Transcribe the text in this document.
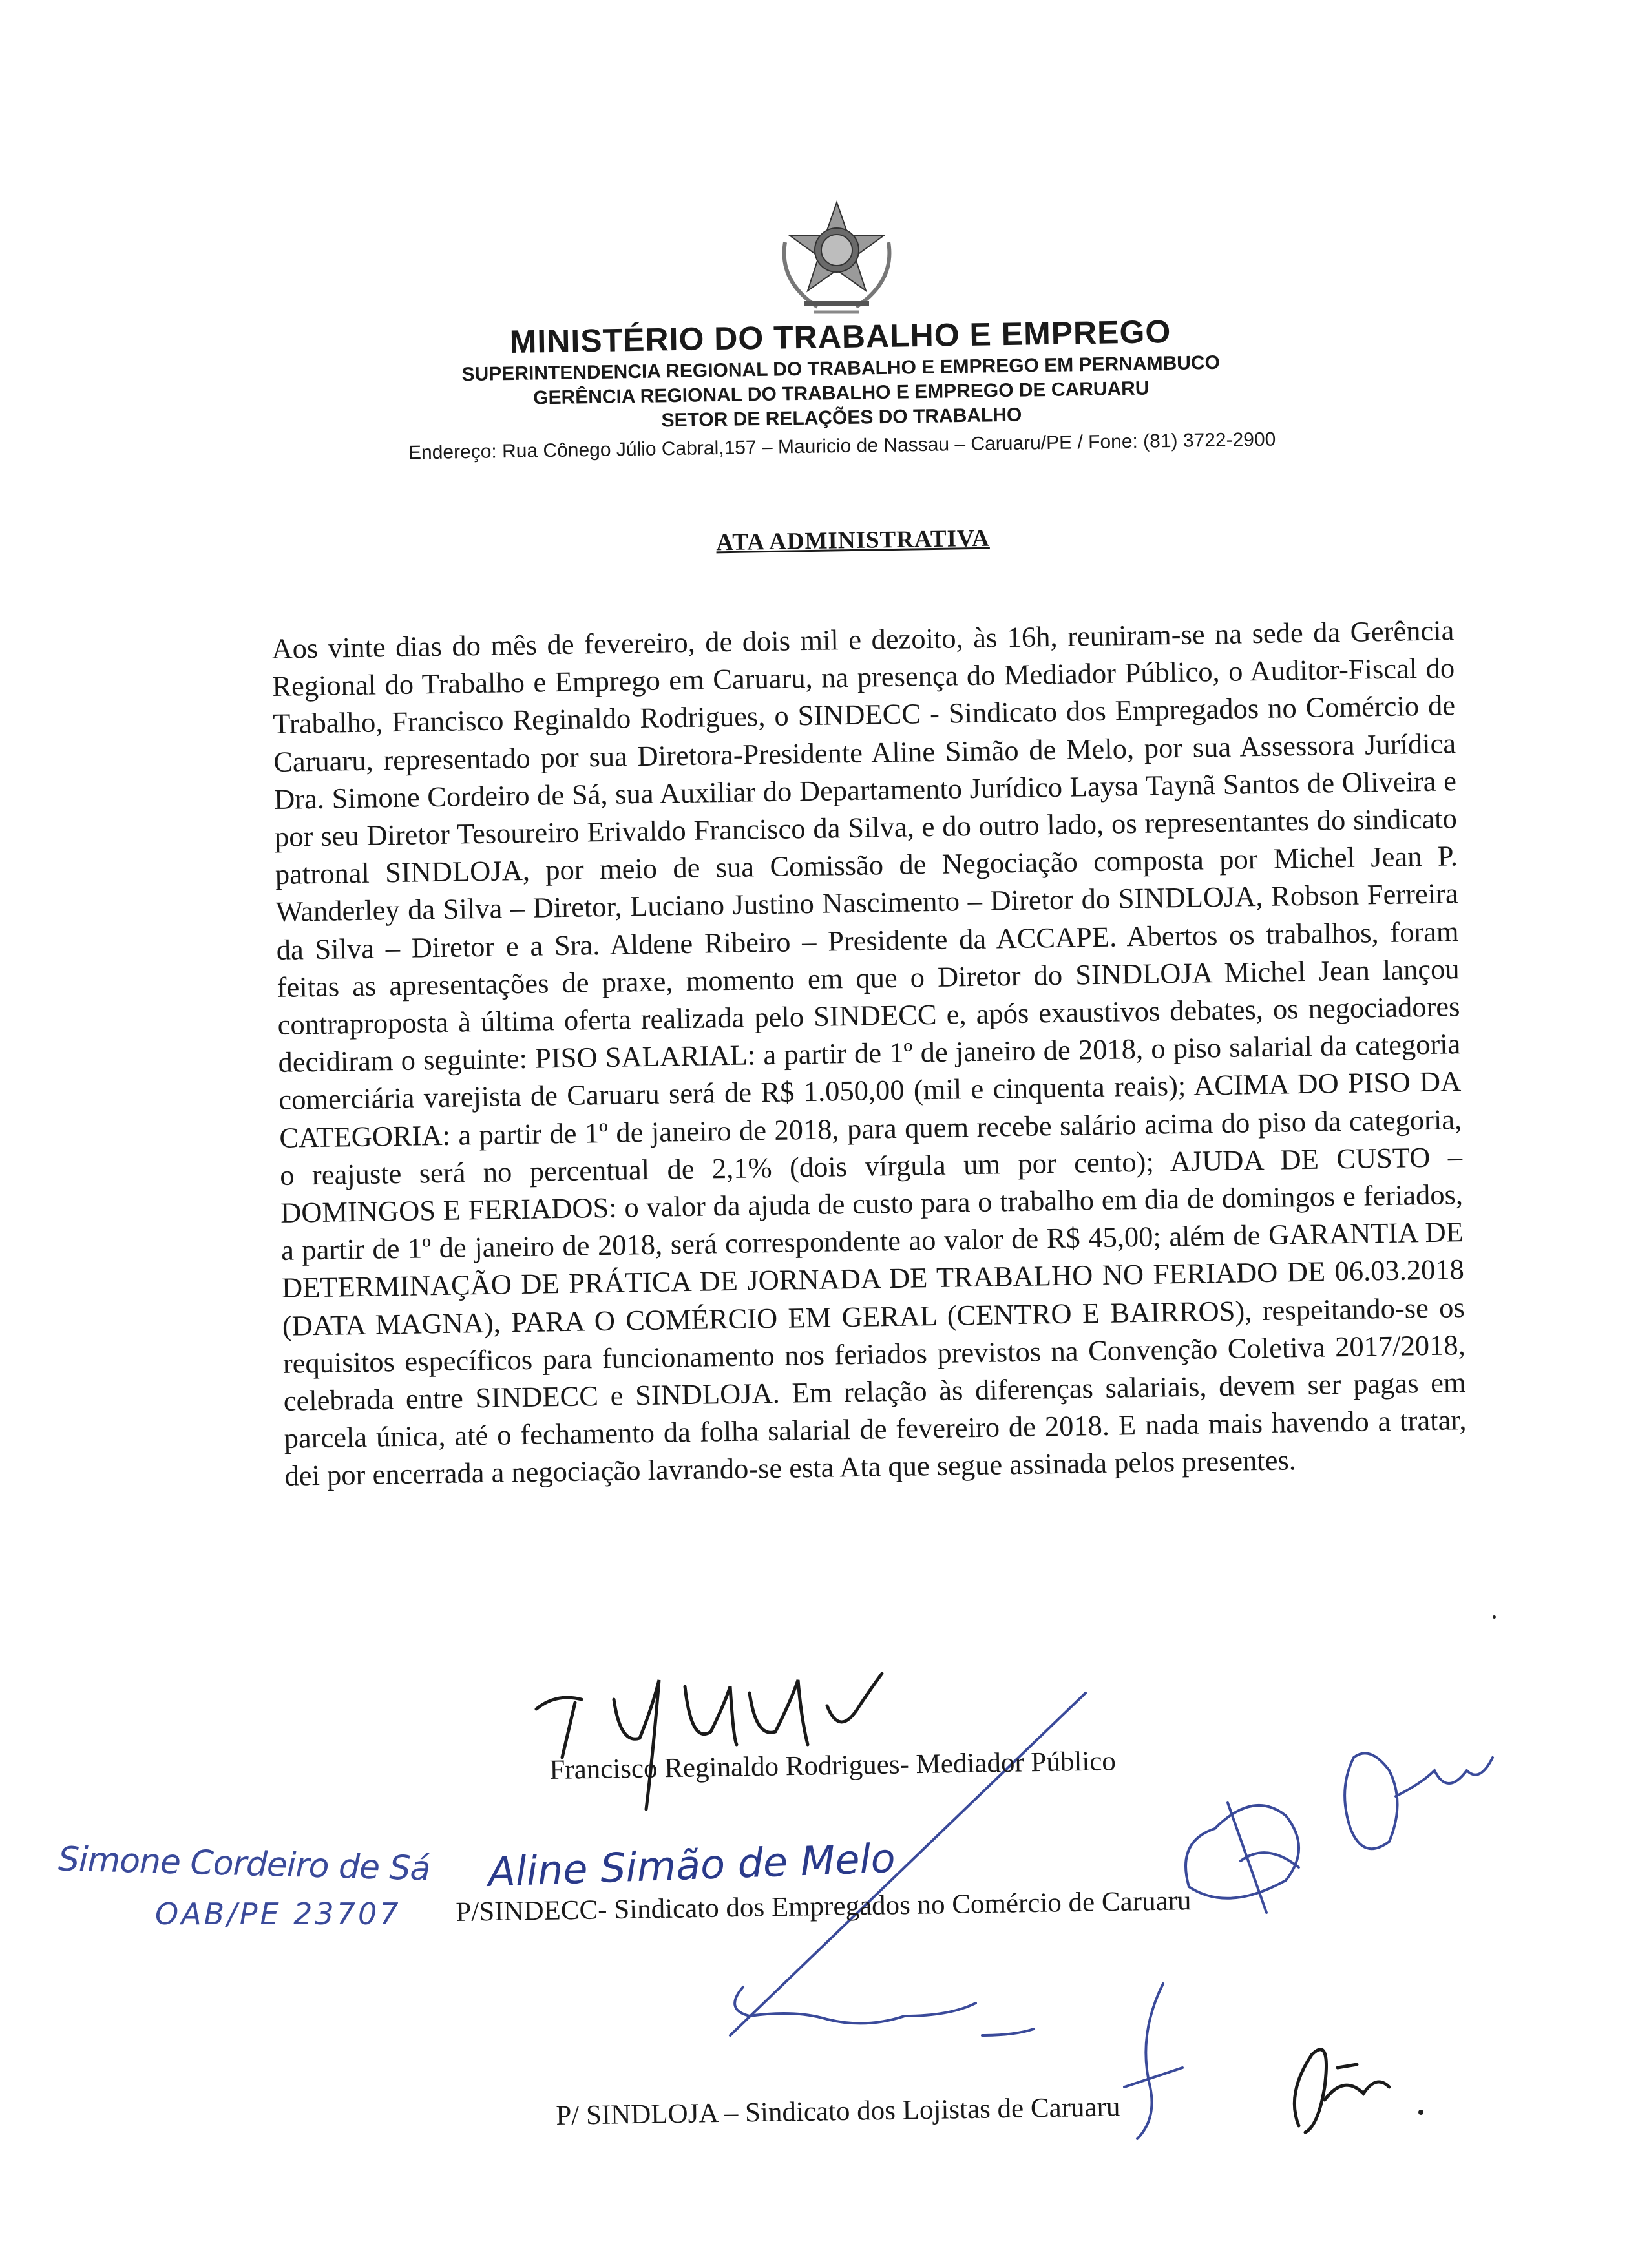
MINISTÉRIO DO TRABALHO E EMPREGO

SUPERINTENDENCIA REGIONAL DO TRABALHO E EMPREGO EM PERNAMBUCO

GERÊNCIA REGIONAL DO TRABALHO E EMPREGO DE CARUARU

SETOR DE RELAÇÕES DO TRABALHO

Endereço: Rua Cônego Júlio Cabral,157 – Mauricio de Nassau – Caruaru/PE / Fone: (81) 3722-2900

ATA ADMINISTRATIVA

Aos vinte dias do mês de fevereiro, de dois mil e dezoito, às 16h, reuniram-se na sede da Gerência Regional do Trabalho e Emprego em Caruaru, na presença do Mediador Público, o Auditor-Fiscal do Trabalho, Francisco Reginaldo Rodrigues, o SINDECC - Sindicato dos Empregados no Comércio de Caruaru, representado por sua Diretora-Presidente Aline Simão de Melo, por sua Assessora Jurídica Dra. Simone Cordeiro de Sá, sua Auxiliar do Departamento Jurídico Laysa Taynã Santos de Oliveira e por seu Diretor Tesoureiro Erivaldo Francisco da Silva, e do outro lado, os representantes do sindicato patronal SINDLOJA, por meio de sua Comissão de Negociação composta por Michel Jean P. Wanderley da Silva – Diretor, Luciano Justino Nascimento – Diretor do SINDLOJA, Robson Ferreira da Silva – Diretor e a Sra. Aldene Ribeiro – Presidente da ACCAPE. Abertos os trabalhos, foram feitas as apresentações de praxe, momento em que o Diretor do SINDLOJA Michel Jean lançou contraproposta à última oferta realizada pelo SINDECC e, após exaustivos debates, os negociadores decidiram o seguinte: PISO SALARIAL: a partir de 1º de janeiro de 2018, o piso salarial da categoria comerciária varejista de Caruaru será de R$ 1.050,00 (mil e cinquenta reais); ACIMA DO PISO DA CATEGORIA: a partir de 1º de janeiro de 2018, para quem recebe salário acima do piso da categoria, o reajuste será no percentual de 2,1% (dois vírgula um por cento); AJUDA DE CUSTO – DOMINGOS E FERIADOS: o valor da ajuda de custo para o trabalho em dia de domingos e feriados, a partir de 1º de janeiro de 2018, será correspondente ao valor de R$ 45,00; além de GARANTIA DE DETERMINAÇÃO DE PRÁTICA DE JORNADA DE TRABALHO NO FERIADO DE 06.03.2018 (DATA MAGNA), PARA O COMÉRCIO EM GERAL (CENTRO E BAIRROS), respeitando-se os requisitos específicos para funcionamento nos feriados previstos na Convenção Coletiva 2017/2018, celebrada entre SINDECC e SINDLOJA. Em relação às diferenças salariais, devem ser pagas em parcela única, até o fechamento da folha salarial de fevereiro de 2018. E nada mais havendo a tratar, dei por encerrada a negociação lavrando-se esta Ata que segue assinada pelos presentes.

Francisco Reginaldo Rodrigues- Mediador Público

Simone Cordeiro de Sá

OAB/PE 23707

Aline Simão de Melo

P/SINDECC- Sindicato dos Empregados no Comércio de Caruaru

P/ SINDLOJA – Sindicato dos Lojistas de Caruaru
